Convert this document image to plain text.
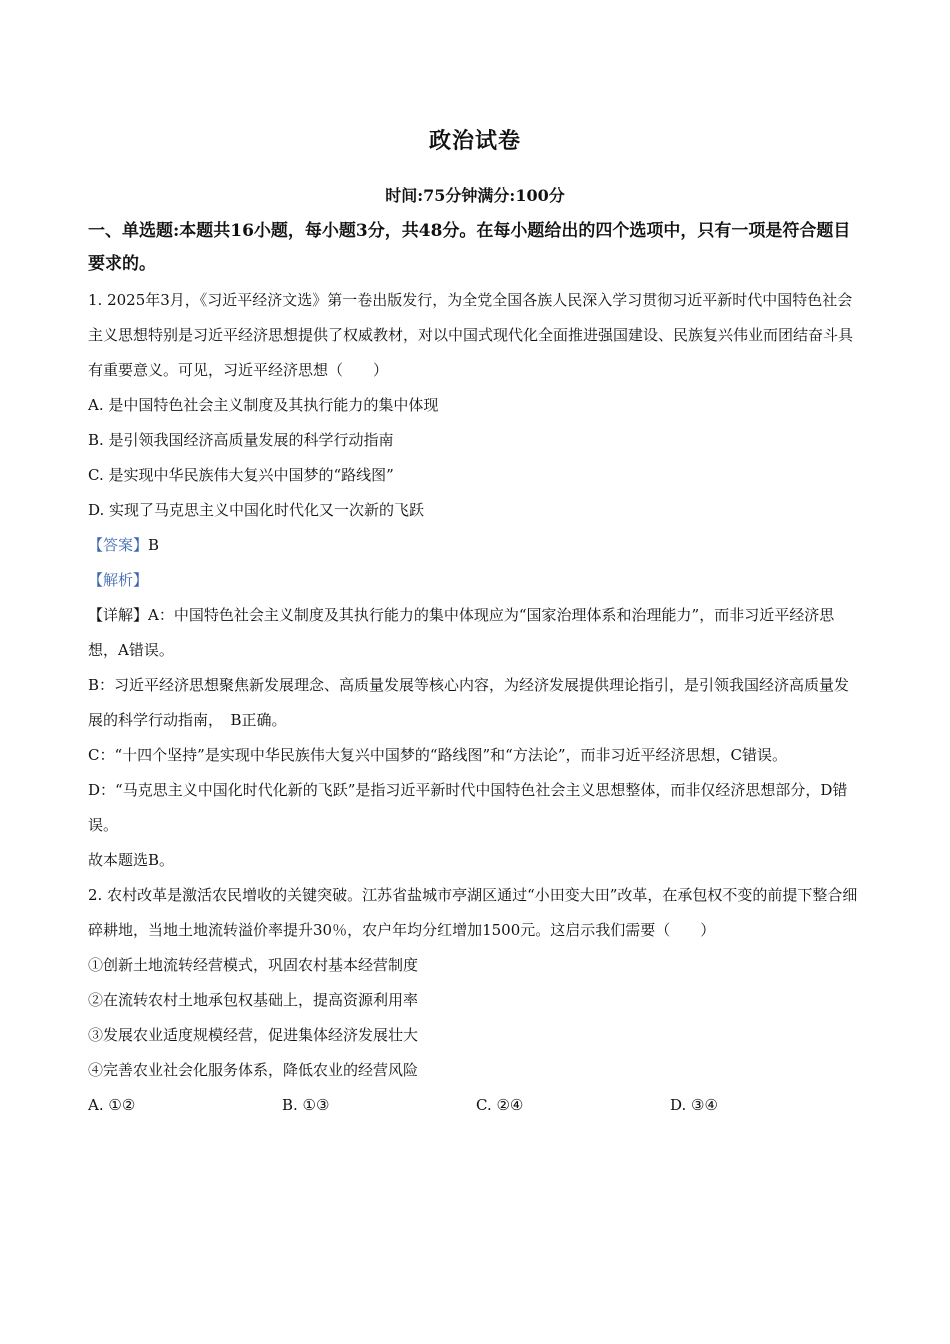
政治试卷
时间:75分钟满分:100分

一、单选题:本题共16小题，每小题3分，共48分。在每小题给出的四个选项中，只有一项是符合题目要求的。

1. 2025年3月，《习近平经济文选》第一卷出版发行，为全党全国各族人民深入学习贯彻习近平新时代中国特色社会主义思想特别是习近平经济思想提供了权威教材，对以中国式现代化全面推进强国建设、民族复兴伟业而团结奋斗具有重要意义。可见，习近平经济思想（　　）

A. 是中国特色社会主义制度及其执行能力的集中体现

B. 是引领我国经济高质量发展的科学行动指南

C. 是实现中华民族伟大复兴中国梦的“路线图”

D. 实现了马克思主义中国化时代化又一次新的飞跃

【答案】B

【解析】

【详解】A：中国特色社会主义制度及其执行能力的集中体现应为“国家治理体系和治理能力”，而非习近平经济思想，A错误。

B：习近平经济思想聚焦新发展理念、高质量发展等核心内容，为经济发展提供理论指引，是引领我国经济高质量发展的科学行动指南，　B正确。

C：“十四个坚持”是实现中华民族伟大复兴中国梦的“路线图”和“方法论”，而非习近平经济思想，C错误。

D：“马克思主义中国化时代化新的飞跃”是指习近平新时代中国特色社会主义思想整体，而非仅经济思想部分，D错误。

故本题选B。

2. 农村改革是激活农民增收的关键突破。江苏省盐城市亭湖区通过“小田变大田”改革，在承包权不变的前提下整合细碎耕地，当地土地流转溢价率提升30％，农户年均分红增加1500元。这启示我们需要（　　）

①创新土地流转经营模式，巩固农村基本经营制度

②在流转农村土地承包权基础上，提高资源利用率

③发展农业适度规模经营，促进集体经济发展壮大

④完善农业社会化服务体系，降低农业的经营风险

A. ①②	B. ①③	C. ②④	D. ③④
